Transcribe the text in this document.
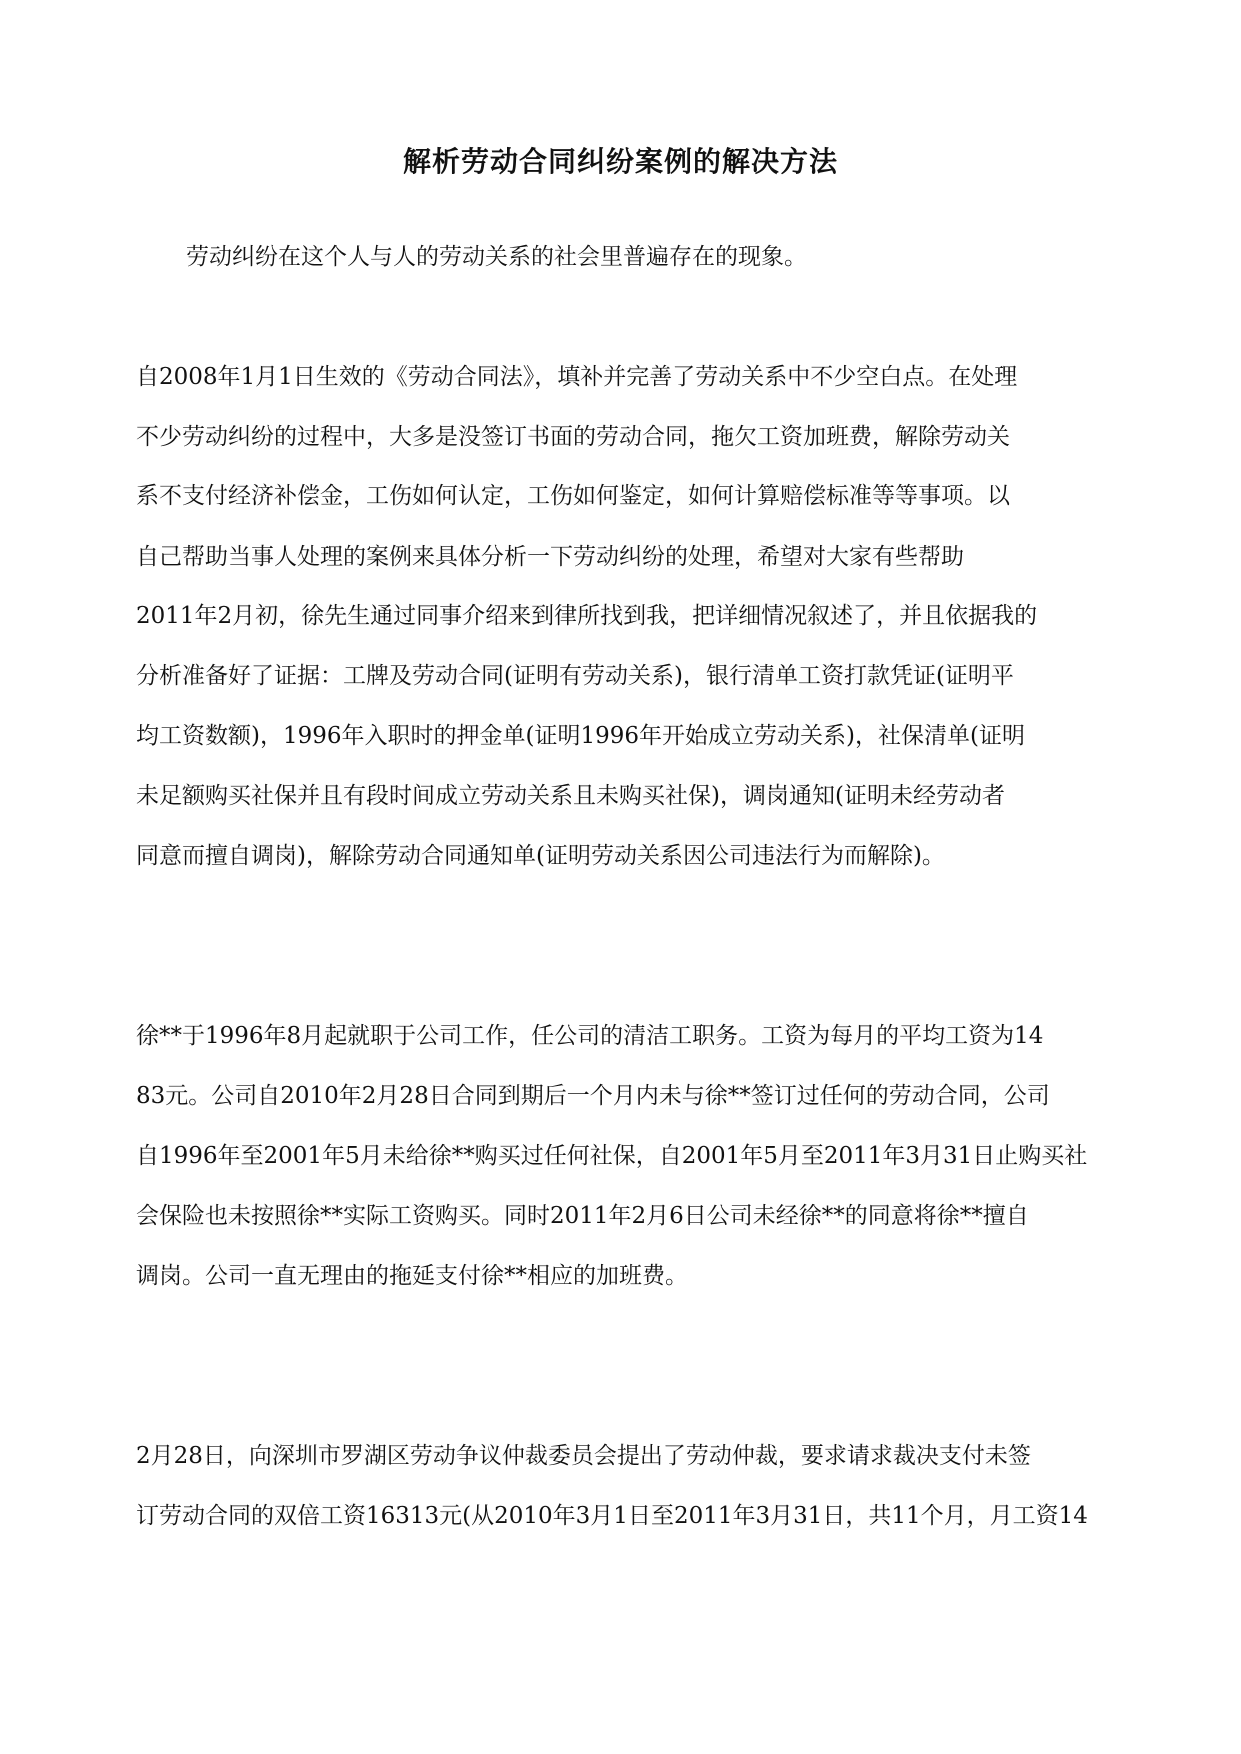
解析劳动合同纠纷案例的解决方法
劳动纠纷在这个人与人的劳动关系的社会里普遍存在的现象。
自2008年1月1日生效的《劳动合同法》，填补并完善了劳动关系中不少空白点。在处理
不少劳动纠纷的过程中，大多是没签订书面的劳动合同，拖欠工资加班费，解除劳动关
系不支付经济补偿金，工伤如何认定，工伤如何鉴定，如何计算赔偿标准等等事项。以
自己帮助当事人处理的案例来具体分析一下劳动纠纷的处理，希望对大家有些帮助
2011年2月初，徐先生通过同事介绍来到律所找到我，把详细情况叙述了，并且依据我的
分析准备好了证据：工牌及劳动合同(证明有劳动关系)，银行清单工资打款凭证(证明平
均工资数额)，1996年入职时的押金单(证明1996年开始成立劳动关系)，社保清单(证明
未足额购买社保并且有段时间成立劳动关系且未购买社保)，调岗通知(证明未经劳动者
同意而擅自调岗)，解除劳动合同通知单(证明劳动关系因公司违法行为而解除)。
徐**于1996年8月起就职于公司工作，任公司的清洁工职务。工资为每月的平均工资为14
83元。公司自2010年2月28日合同到期后一个月内未与徐**签订过任何的劳动合同，公司
自1996年至2001年5月未给徐**购买过任何社保，自2001年5月至2011年3月31日止购买社
会保险也未按照徐**实际工资购买。同时2011年2月6日公司未经徐**的同意将徐**擅自
调岗。公司一直无理由的拖延支付徐**相应的加班费。
2月28日，向深圳市罗湖区劳动争议仲裁委员会提出了劳动仲裁，要求请求裁决支付未签
订劳动合同的双倍工资16313元(从2010年3月1日至2011年3月31日，共11个月，月工资14
